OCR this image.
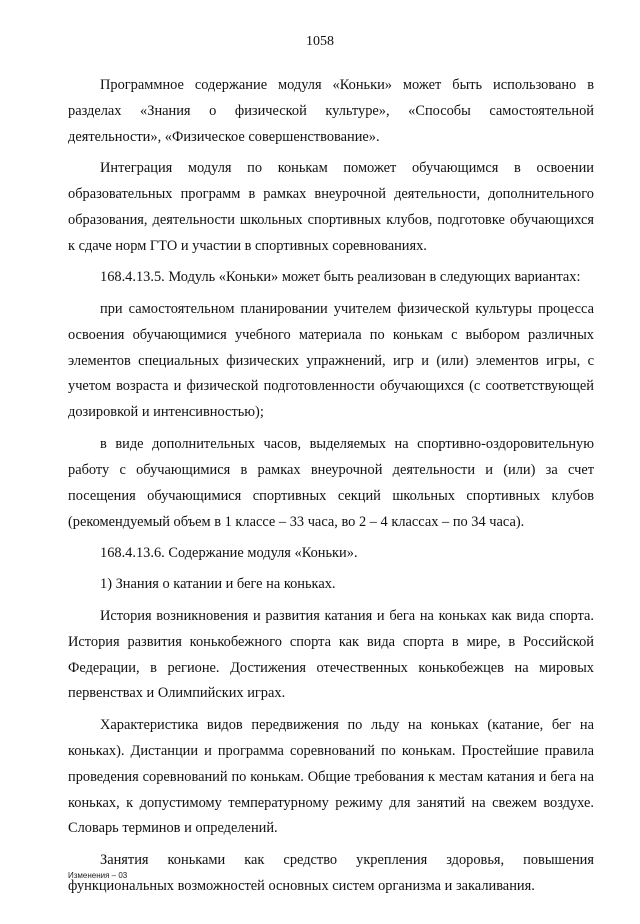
1058

Программное содержание модуля «Коньки» может быть использовано в разделах «Знания о физической культуре», «Способы самостоятельной деятельности», «Физическое совершенствование».

Интеграция модуля по конькам поможет обучающимся в освоении образовательных программ в рамках внеурочной деятельности, дополнительного образования, деятельности школьных спортивных клубов, подготовке обучающихся к сдаче норм ГТО и участии в спортивных соревнованиях.

168.4.13.5. Модуль «Коньки» может быть реализован в следующих вариантах:

при самостоятельном планировании учителем физической культуры процесса освоения обучающимися учебного материала по конькам с выбором различных элементов специальных физических упражнений, игр и (или) элементов игры, с учетом возраста и физической подготовленности обучающихся (с соответствующей дозировкой и интенсивностью);

в виде дополнительных часов, выделяемых на спортивно-оздоровительную работу с обучающимися в рамках внеурочной деятельности и (или) за счет посещения обучающимися спортивных секций школьных спортивных клубов (рекомендуемый объем в 1 классе – 33 часа, во 2 – 4 классах – по 34 часа).

168.4.13.6. Содержание модуля «Коньки».

1) Знания о катании и беге на коньках.

История возникновения и развития катания и бега на коньках как вида спорта. История развития конькобежного спорта как вида спорта в мире, в Российской Федерации, в регионе. Достижения отечественных конькобежцев на мировых первенствах и Олимпийских играх.

Характеристика видов передвижения по льду на коньках (катание, бег на коньках). Дистанции и программа соревнований по конькам. Простейшие правила проведения соревнований по конькам. Общие требования к местам катания и бега на коньках, к допустимому температурному режиму для занятий на свежем воздухе. Словарь терминов и определений.

Занятия коньками как средство укрепления здоровья, повышения функциональных возможностей основных систем организма и закаливания.

Изменения – 03
